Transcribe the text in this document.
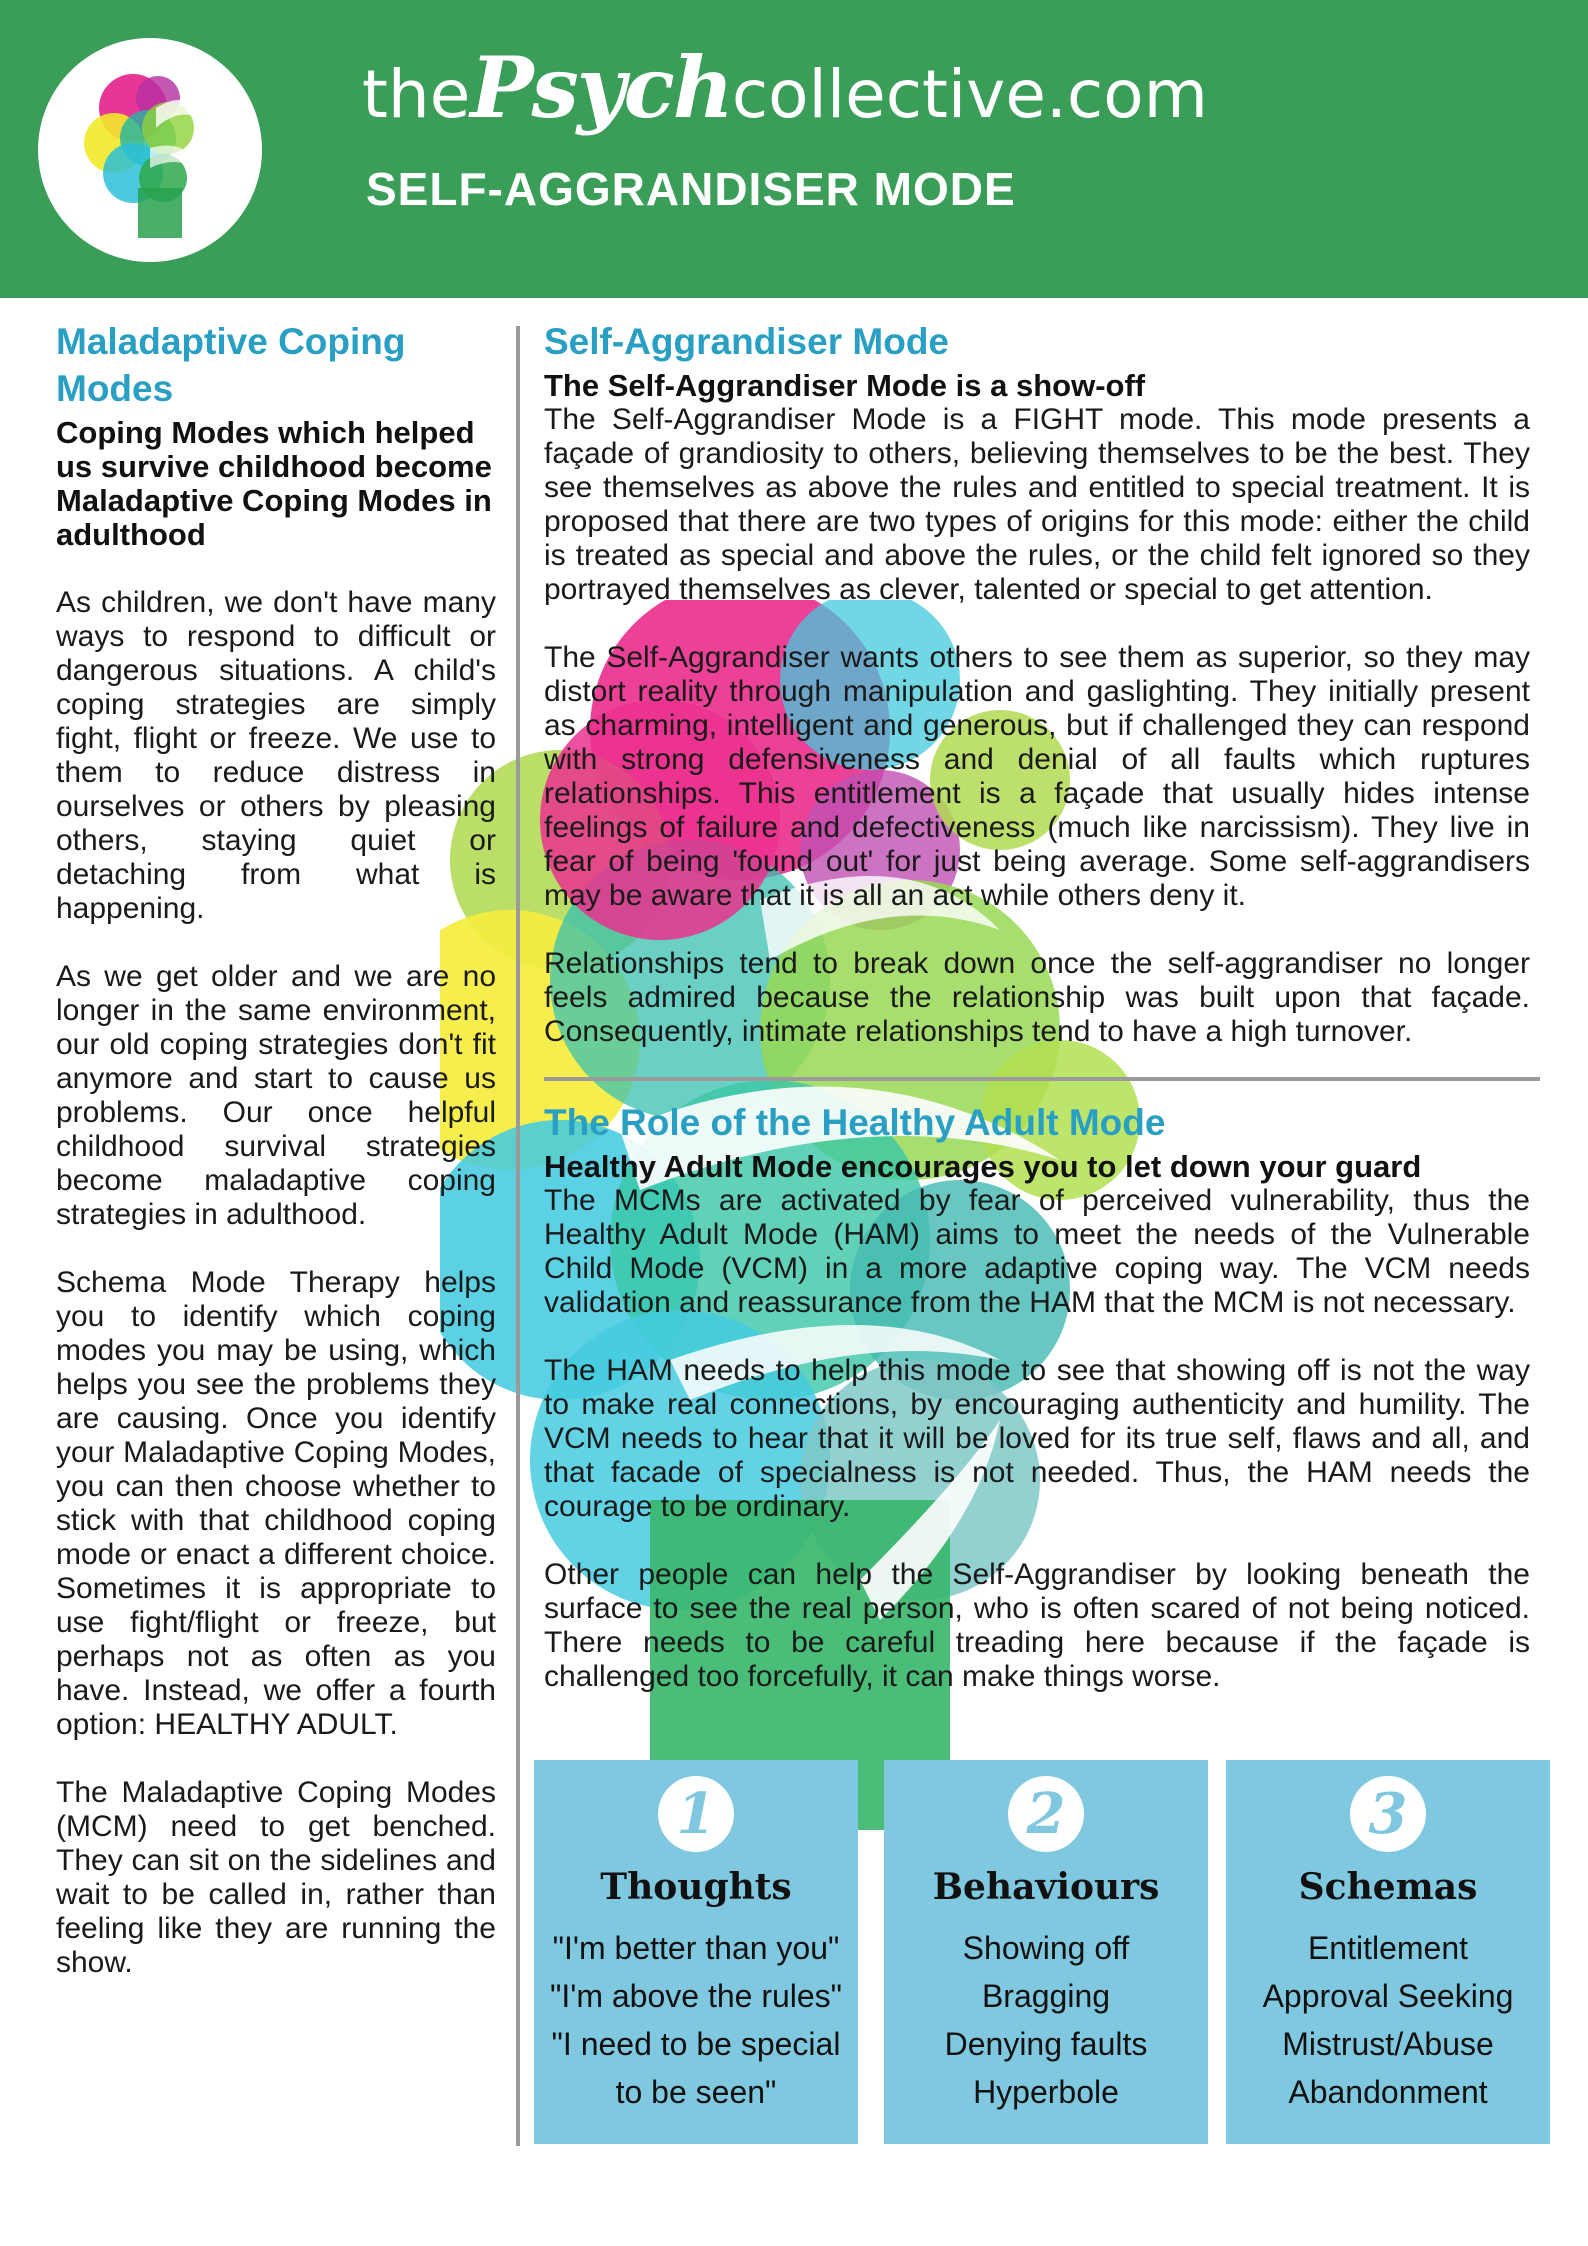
thePsychcollective.com
SELF-AGGRANDISER MODE
Maladaptive Coping Modes
Coping Modes which helped us survive childhood become Maladaptive Coping Modes in adulthood

As children, we don't have many ways to respond to difficult or dangerous situations. A child's coping strategies are simply fight, flight or freeze. We use to them to reduce distress in ourselves or others by pleasing others, staying quiet or detaching from what is happening.

As we get older and we are no longer in the same environment, our old coping strategies don't fit anymore and start to cause us problems. Our once helpful childhood survival strategies become maladaptive coping strategies in adulthood.

Schema Mode Therapy helps you to identify which coping modes you may be using, which helps you see the problems they are causing. Once you identify your Maladaptive Coping Modes, you can then choose whether to stick with that childhood coping mode or enact a different choice. Sometimes it is appropriate to use fight/flight or freeze, but perhaps not as often as you have. Instead, we offer a fourth option: HEALTHY ADULT.

The Maladaptive Coping Modes (MCM) need to get benched. They can sit on the sidelines and wait to be called in, rather than feeling like they are running the show.

Self-Aggrandiser Mode
The Self-Aggrandiser Mode is a show-off

The Self-Aggrandiser Mode is a FIGHT mode. This mode presents a façade of grandiosity to others, believing themselves to be the best. They see themselves as above the rules and entitled to special treatment. It is proposed that there are two types of origins for this mode: either the child is treated as special and above the rules, or the child felt ignored so they portrayed themselves as clever, talented or special to get attention.

The Self-Aggrandiser wants others to see them as superior, so they may distort reality through manipulation and gaslighting. They initially present as charming, intelligent and generous, but if challenged they can respond with strong defensiveness and denial of all faults which ruptures relationships. This entitlement is a façade that usually hides intense feelings of failure and defectiveness (much like narcissism). They live in fear of being 'found out' for just being average. Some self-aggrandisers may be aware that it is all an act while others deny it.

Relationships tend to break down once the self-aggrandiser no longer feels admired because the relationship was built upon that façade. Consequently, intimate relationships tend to have a high turnover.

The Role of the Healthy Adult Mode
Healthy Adult Mode encourages you to let down your guard

The MCMs are activated by fear of perceived vulnerability, thus the Healthy Adult Mode (HAM) aims to meet the needs of the Vulnerable Child Mode (VCM) in a more adaptive coping way. The VCM needs validation and reassurance from the HAM that the MCM is not necessary.

The HAM needs to help this mode to see that showing off is not the way to make real connections, by encouraging authenticity and humility. The VCM needs to hear that it will be loved for its true self, flaws and all, and that facade of specialness is not needed. Thus, the HAM needs the courage to be ordinary.

Other people can help the Self-Aggrandiser by looking beneath the surface to see the real person, who is often scared of not being noticed. There needs to be careful treading here because if the façade is challenged too forcefully, it can make things worse.

1
Thoughts
"I'm better than you"
"I'm above the rules"
"I need to be special
to be seen"
2
Behaviours
Showing off
Bragging
Denying faults
Hyperbole
3
Schemas
Entitlement
Approval Seeking
Mistrust/Abuse
Abandonment
